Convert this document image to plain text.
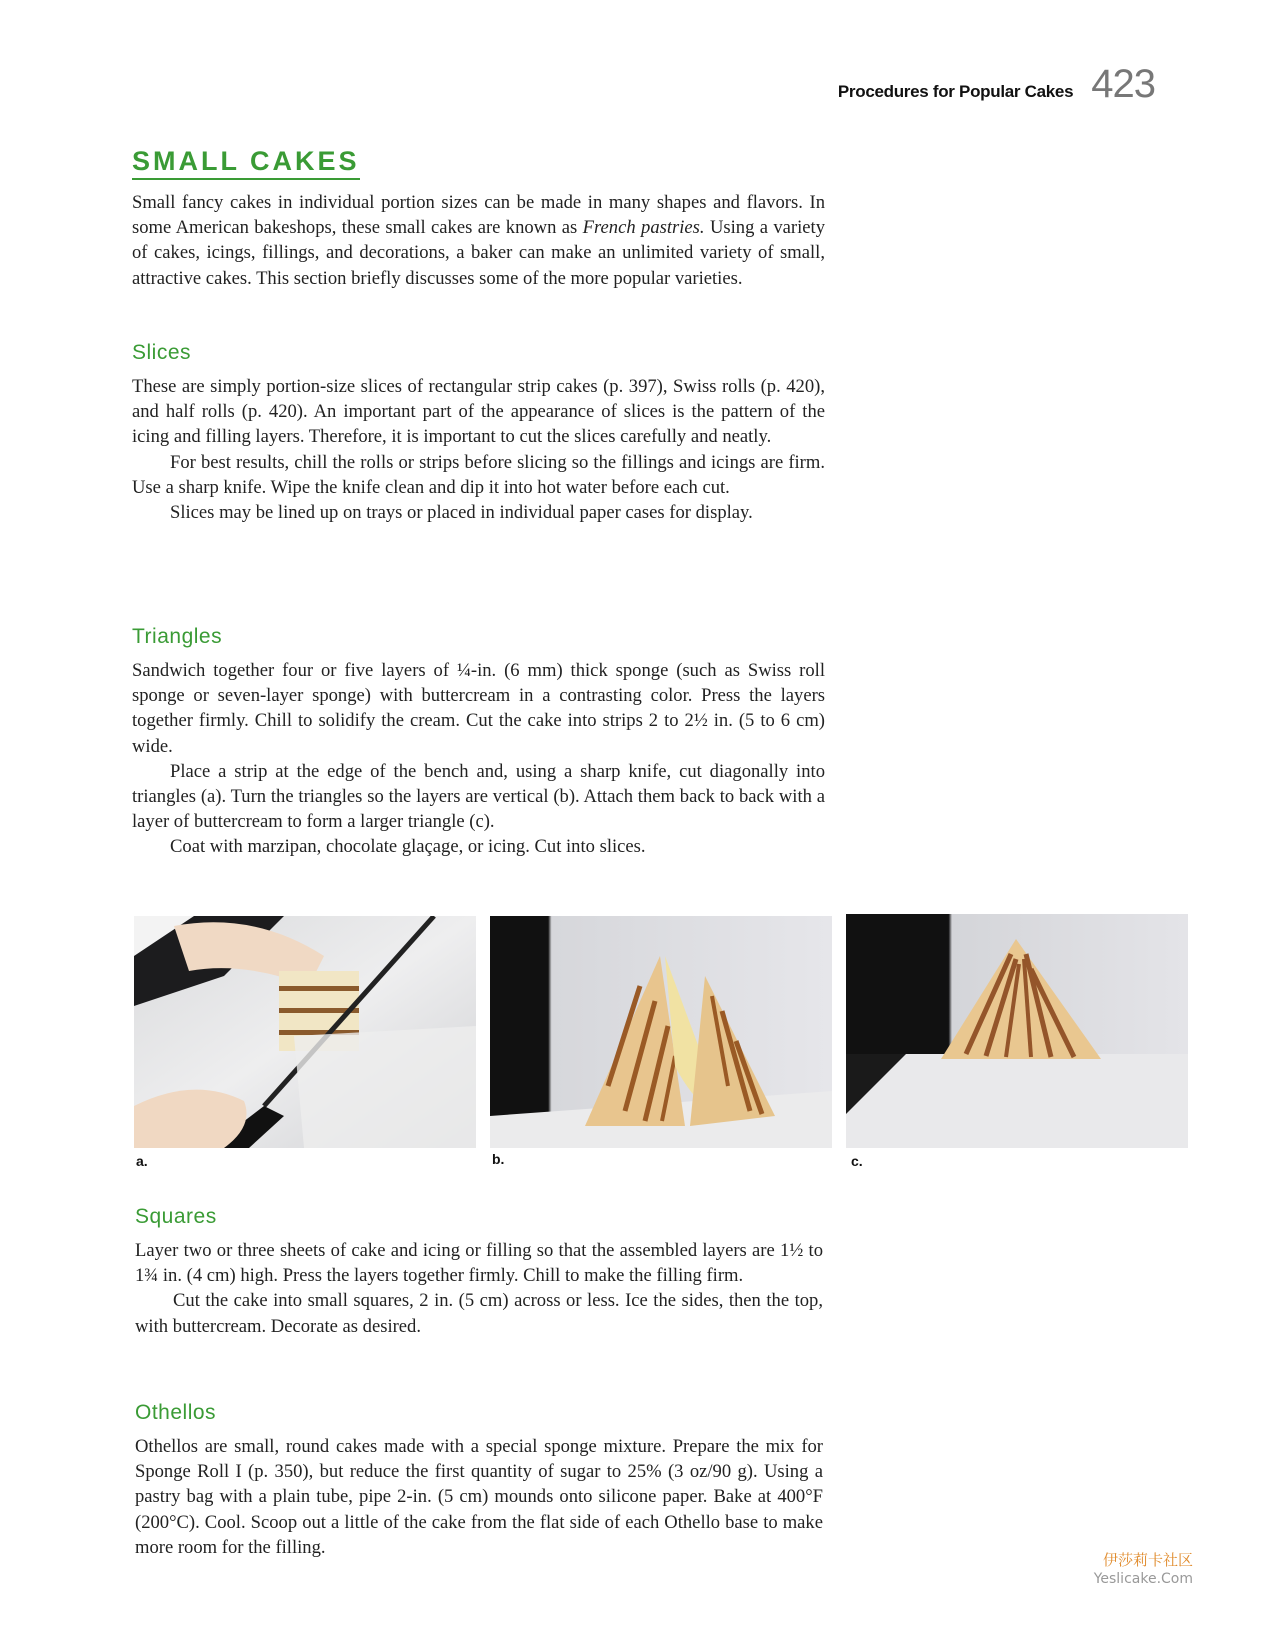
Procedures for Popular Cakes 423
SMALL CAKES

Small fancy cakes in individual portion sizes can be made in many shapes and flavors. In some American bakeshops, these small cakes are known as French pastries. Using a variety of cakes, icings, fillings, and decorations, a baker can make an unlimited variety of small, attractive cakes. This section briefly discusses some of the more popular varieties.

Slices

These are simply portion-size slices of rectangular strip cakes (p. 397), Swiss rolls (p. 420), and half rolls (p. 420). An important part of the appearance of slices is the pattern of the icing and filling layers. Therefore, it is important to cut the slices carefully and neatly.

For best results, chill the rolls or strips before slicing so the fillings and icings are firm. Use a sharp knife. Wipe the knife clean and dip it into hot water before each cut.

Slices may be lined up on trays or placed in individual paper cases for display.

Triangles

Sandwich together four or five layers of ¼-in. (6 mm) thick sponge (such as Swiss roll sponge or seven-layer sponge) with buttercream in a contrasting color. Press the layers together firmly. Chill to solidify the cream. Cut the cake into strips 2 to 2½ in. (5 to 6 cm) wide.

Place a strip at the edge of the bench and, using a sharp knife, cut diagonally into triangles (a). Turn the triangles so the layers are vertical (b). Attach them back to back with a layer of buttercream to form a larger triangle (c).

Coat with marzipan, chocolate glaçage, or icing. Cut into slices.

a.	b.	c.
Squares

Layer two or three sheets of cake and icing or filling so that the assembled layers are 1½ to 1¾ in. (4 cm) high. Press the layers together firmly. Chill to make the filling firm.

Cut the cake into small squares, 2 in. (5 cm) across or less. Ice the sides, then the top, with buttercream. Decorate as desired.

Othellos

Othellos are small, round cakes made with a special sponge mixture. Prepare the mix for Sponge Roll I (p. 350), but reduce the first quantity of sugar to 25% (3 oz/90 g). Using a pastry bag with a plain tube, pipe 2-in. (5 cm) mounds onto silicone paper. Bake at 400°F (200°C). Cool. Scoop out a little of the cake from the flat side of each Othello base to make more room for the filling.

伊莎莉卡社区
Yeslicake.Com
